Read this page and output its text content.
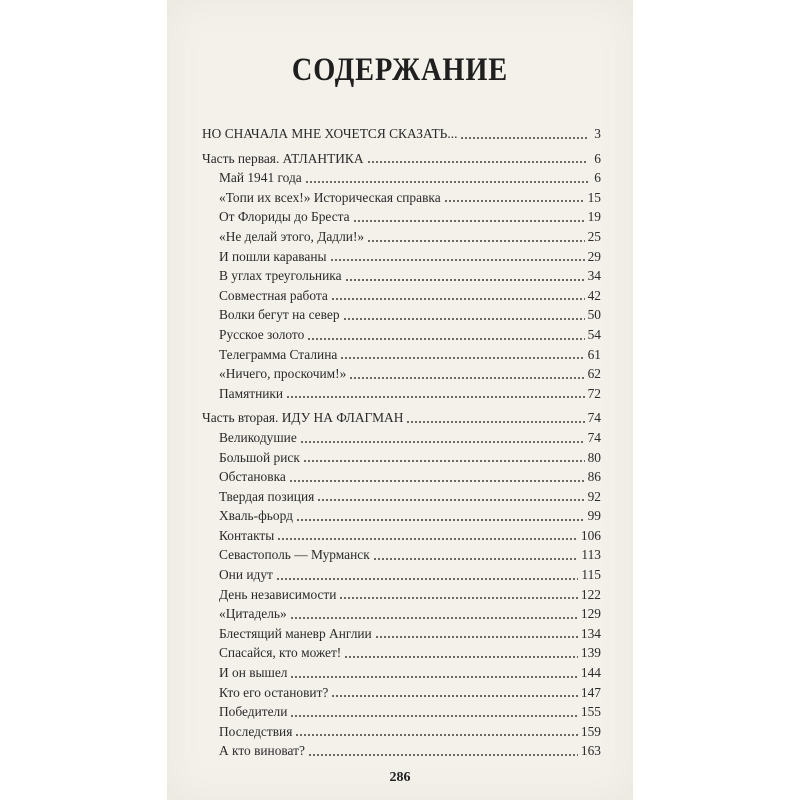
СОДЕРЖАНИЕ
НО СНАЧАЛА МНЕ ХОЧЕТСЯ СКАЗАТЬ...	3
Часть первая. АТЛАНТИКА	6
Май 1941 года	6
«Топи их всех!» Историческая справка	15
От Флориды до Бреста	19
«Не делай этого, Дадли!»	25
И пошли караваны	29
В углах треугольника	34
Совместная работа	42
Волки бегут на север	50
Русское золото	54
Телеграмма Сталина	61
«Ничего, проскочим!»	62
Памятники	72
Часть вторая. ИДУ НА ФЛАГМАН	74
Великодушие	74
Большой риск	80
Обстановка	86
Твердая позиция	92
Хваль-фьорд	99
Контакты	106
Севастополь — Мурманск	113
Они идут	115
День независимости	122
«Цитадель»	129
Блестящий маневр Англии	134
Спасайся, кто может!	139
И он вышел	144
Кто его остановит?	147
Победители	155
Последствия	159
А кто виноват?	163
286
